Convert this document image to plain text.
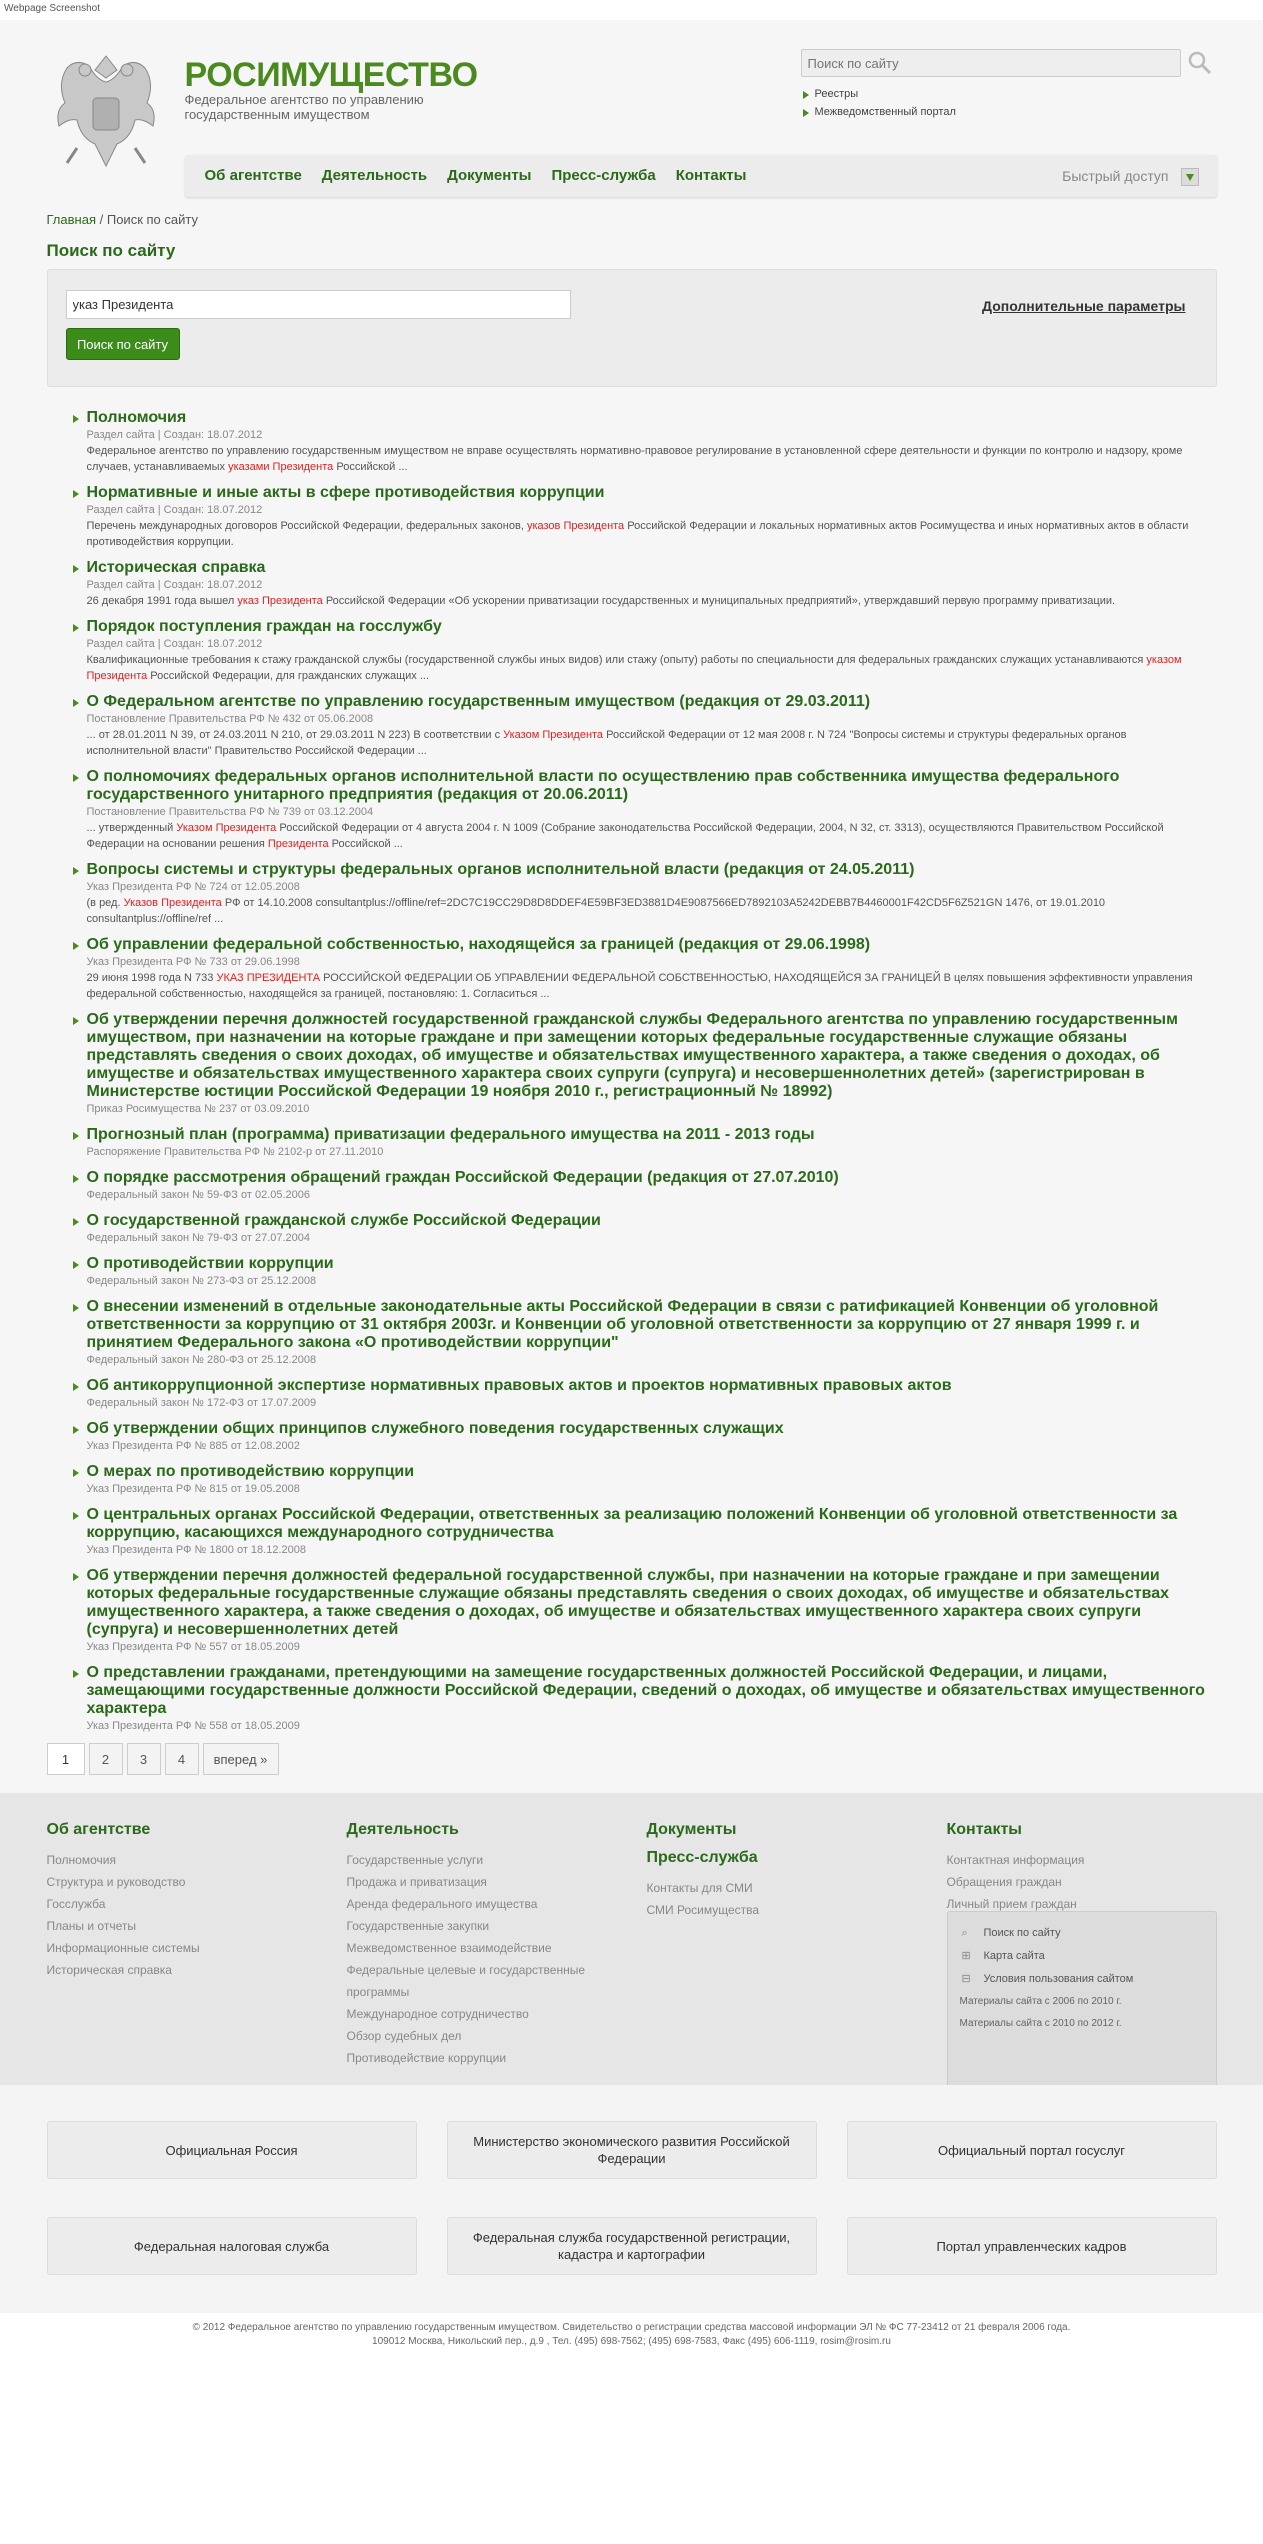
Webpage Screenshot
РОСИМУЩЕСТВО
Федеральное агентство по управлению государственным имуществом
Поиск по сайту
Реестры
Межведомственный портал
Об агентстве Деятельность Документы Пресс-служба Контакты	Быстрый доступ
Главная / Поиск по сайту
Поиск по сайту
указ Президента
Поиск по сайту
Дополнительные параметры
Полномочия
Раздел сайта | Создан: 18.07.2012
Федеральное агентство по управлению государственным имуществом не вправе осуществлять нормативно-правовое регулирование в установленной сфере деятельности и функции по контролю и надзору, кроме случаев, устанавливаемых указами Президента Российской ...
Нормативные и иные акты в сфере противодействия коррупции
Раздел сайта | Создан: 18.07.2012
Перечень международных договоров Российской Федерации, федеральных законов, указов Президента Российской Федерации и локальных нормативных актов Росимущества и иных нормативных актов в области противодействия коррупции.
Историческая справка
Раздел сайта | Создан: 18.07.2012
26 декабря 1991 года вышел указ Президента Российской Федерации «Об ускорении приватизации государственных и муниципальных предприятий», утверждавший первую программу приватизации.
Порядок поступления граждан на госслужбу
Раздел сайта | Создан: 18.07.2012
Квалификационные требования к стажу гражданской службы (государственной службы иных видов) или стажу (опыту) работы по специальности для федеральных гражданских служащих устанавливаются указом Президента Российской Федерации, для гражданских служащих ...
О Федеральном агентстве по управлению государственным имуществом (редакция от 29.03.2011)
Постановление Правительства РФ № 432 от 05.06.2008
... от 28.01.2011 N 39, от 24.03.2011 N 210, от 29.03.2011 N 223) В соответствии с Указом Президента Российской Федерации от 12 мая 2008 г. N 724 "Вопросы системы и структуры федеральных органов исполнительной власти" Правительство Российской Федерации ...
О полномочиях федеральных органов исполнительной власти по осуществлению прав собственника имущества федерального государственного унитарного предприятия (редакция от 20.06.2011)
Постановление Правительства РФ № 739 от 03.12.2004
... утвержденный Указом Президента Российской Федерации от 4 августа 2004 г. N 1009 (Собрание законодательства Российской Федерации, 2004, N 32, ст. 3313), осуществляются Правительством Российской Федерации на основании решения Президента Российской ...
Вопросы системы и структуры федеральных органов исполнительной власти (редакция от 24.05.2011)
Указ Президента РФ № 724 от 12.05.2008
(в ред. Указов Президента РФ от 14.10.2008 consultantplus://offline/ref=2DC7C19CC29D8D8DDEF4E59BF3ED3881D4E9087566ED7892103A5242DEBB7B4460001F42CD5F6Z521GN 1476, от 19.01.2010 consultantplus://offline/ref ...
Об управлении федеральной собственностью, находящейся за границей (редакция от 29.06.1998)
Указ Президента РФ № 733 от 29.06.1998
29 июня 1998 года N 733 УКАЗ ПРЕЗИДЕНТА РОССИЙСКОЙ ФЕДЕРАЦИИ ОБ УПРАВЛЕНИИ ФЕДЕРАЛЬНОЙ СОБСТВЕННОСТЬЮ, НАХОДЯЩЕЙСЯ ЗА ГРАНИЦЕЙ В целях повышения эффективности управления федеральной собственностью, находящейся за границей, постановляю: 1. Согласиться ...
Об утверждении перечня должностей государственной гражданской службы Федерального агентства по управлению государственным имуществом, при назначении на которые граждане и при замещении которых федеральные государственные служащие обязаны представлять сведения о своих доходах, об имуществе и обязательствах имущественного характера, а также сведения о доходах, об имуществе и обязательствах имущественного характера своих супруги (супруга) и несовершеннолетних детей» (зарегистрирован в Министерстве юстиции Российской Федерации 19 ноября 2010 г., регистрационный № 18992)
Приказ Росимущества № 237 от 03.09.2010
Прогнозный план (программа) приватизации федерального имущества на 2011 - 2013 годы
Распоряжение Правительства РФ № 2102-р от 27.11.2010
О порядке рассмотрения обращений граждан Российской Федерации (редакция от 27.07.2010)
Федеральный закон № 59-ФЗ от 02.05.2006
О государственной гражданской службе Российской Федерации
Федеральный закон № 79-ФЗ от 27.07.2004
О противодействии коррупции
Федеральный закон № 273-ФЗ от 25.12.2008
О внесении изменений в отдельные законодательные акты Российской Федерации в связи с ратификацией Конвенции об уголовной ответственности за коррупцию от 31 октября 2003г. и Конвенции об уголовной ответственности за коррупцию от 27 января 1999 г. и принятием Федерального закона «О противодействии коррупции"
Федеральный закон № 280-ФЗ от 25.12.2008
Об антикоррупционной экспертизе нормативных правовых актов и проектов нормативных правовых актов
Федеральный закон № 172-ФЗ от 17.07.2009
Об утверждении общих принципов служебного поведения государственных служащих
Указ Президента РФ № 885 от 12.08.2002
О мерах по противодействию коррупции
Указ Президента РФ № 815 от 19.05.2008
О центральных органах Российской Федерации, ответственных за реализацию положений Конвенции об уголовной ответственности за коррупцию, касающихся международного сотрудничества
Указ Президента РФ № 1800 от 18.12.2008
Об утверждении перечня должностей федеральной государственной службы, при назначении на которые граждане и при замещении которых федеральные государственные служащие обязаны представлять сведения о своих доходах, об имуществе и обязательствах имущественного характера, а также сведения о доходах, об имуществе и обязательствах имущественного характера своих супруги (супруга) и несовершеннолетних детей
Указ Президента РФ № 557 от 18.05.2009
О представлении гражданами, претендующими на замещение государственных должностей Российской Федерации, и лицами, замещающими государственные должности Российской Федерации, сведений о доходах, об имуществе и обязательствах имущественного характера
Указ Президента РФ № 558 от 18.05.2009
1	2	3	4	вперед »
Об агентстве
Полномочия
Структура и руководство
Госслужба
Планы и отчеты
Информационные системы
Историческая справка
Деятельность
Государственные услуги
Продажа и приватизация
Аренда федерального имущества
Государственные закупки
Межведомственное взаимодействие
Федеральные целевые и государственные программы
Международное сотрудничество
Обзор судебных дел
Противодействие коррупции
Документы
Пресс-служба
Контакты для СМИ
СМИ Росимущества
Контакты
Контактная информация
Обращения граждан
Личный прием граждан
⌕	Поиск по сайту
⊞	Карта сайта
⊟	Условия пользования сайтом
Материалы сайта с 2006 по 2010 г.
Материалы сайта с 2010 по 2012 г.
Официальная Россия
Министерство экономического развития Российской Федерации
Официальный портал госуслуг
Федеральная налоговая служба
Федеральная служба государственной регистрации, кадастра и картографии
Портал управленческих кадров
© 2012 Федеральное агентство по управлению государственным имуществом. Свидетельство о регистрации средства массовой информации ЭЛ № ФС 77-23412 от 21 февраля 2006 года.
109012 Москва, Никольский пер., д.9 , Тел. (495) 698-7562; (495) 698-7583, Факс (495) 606-1119, rosim@rosim.ru
